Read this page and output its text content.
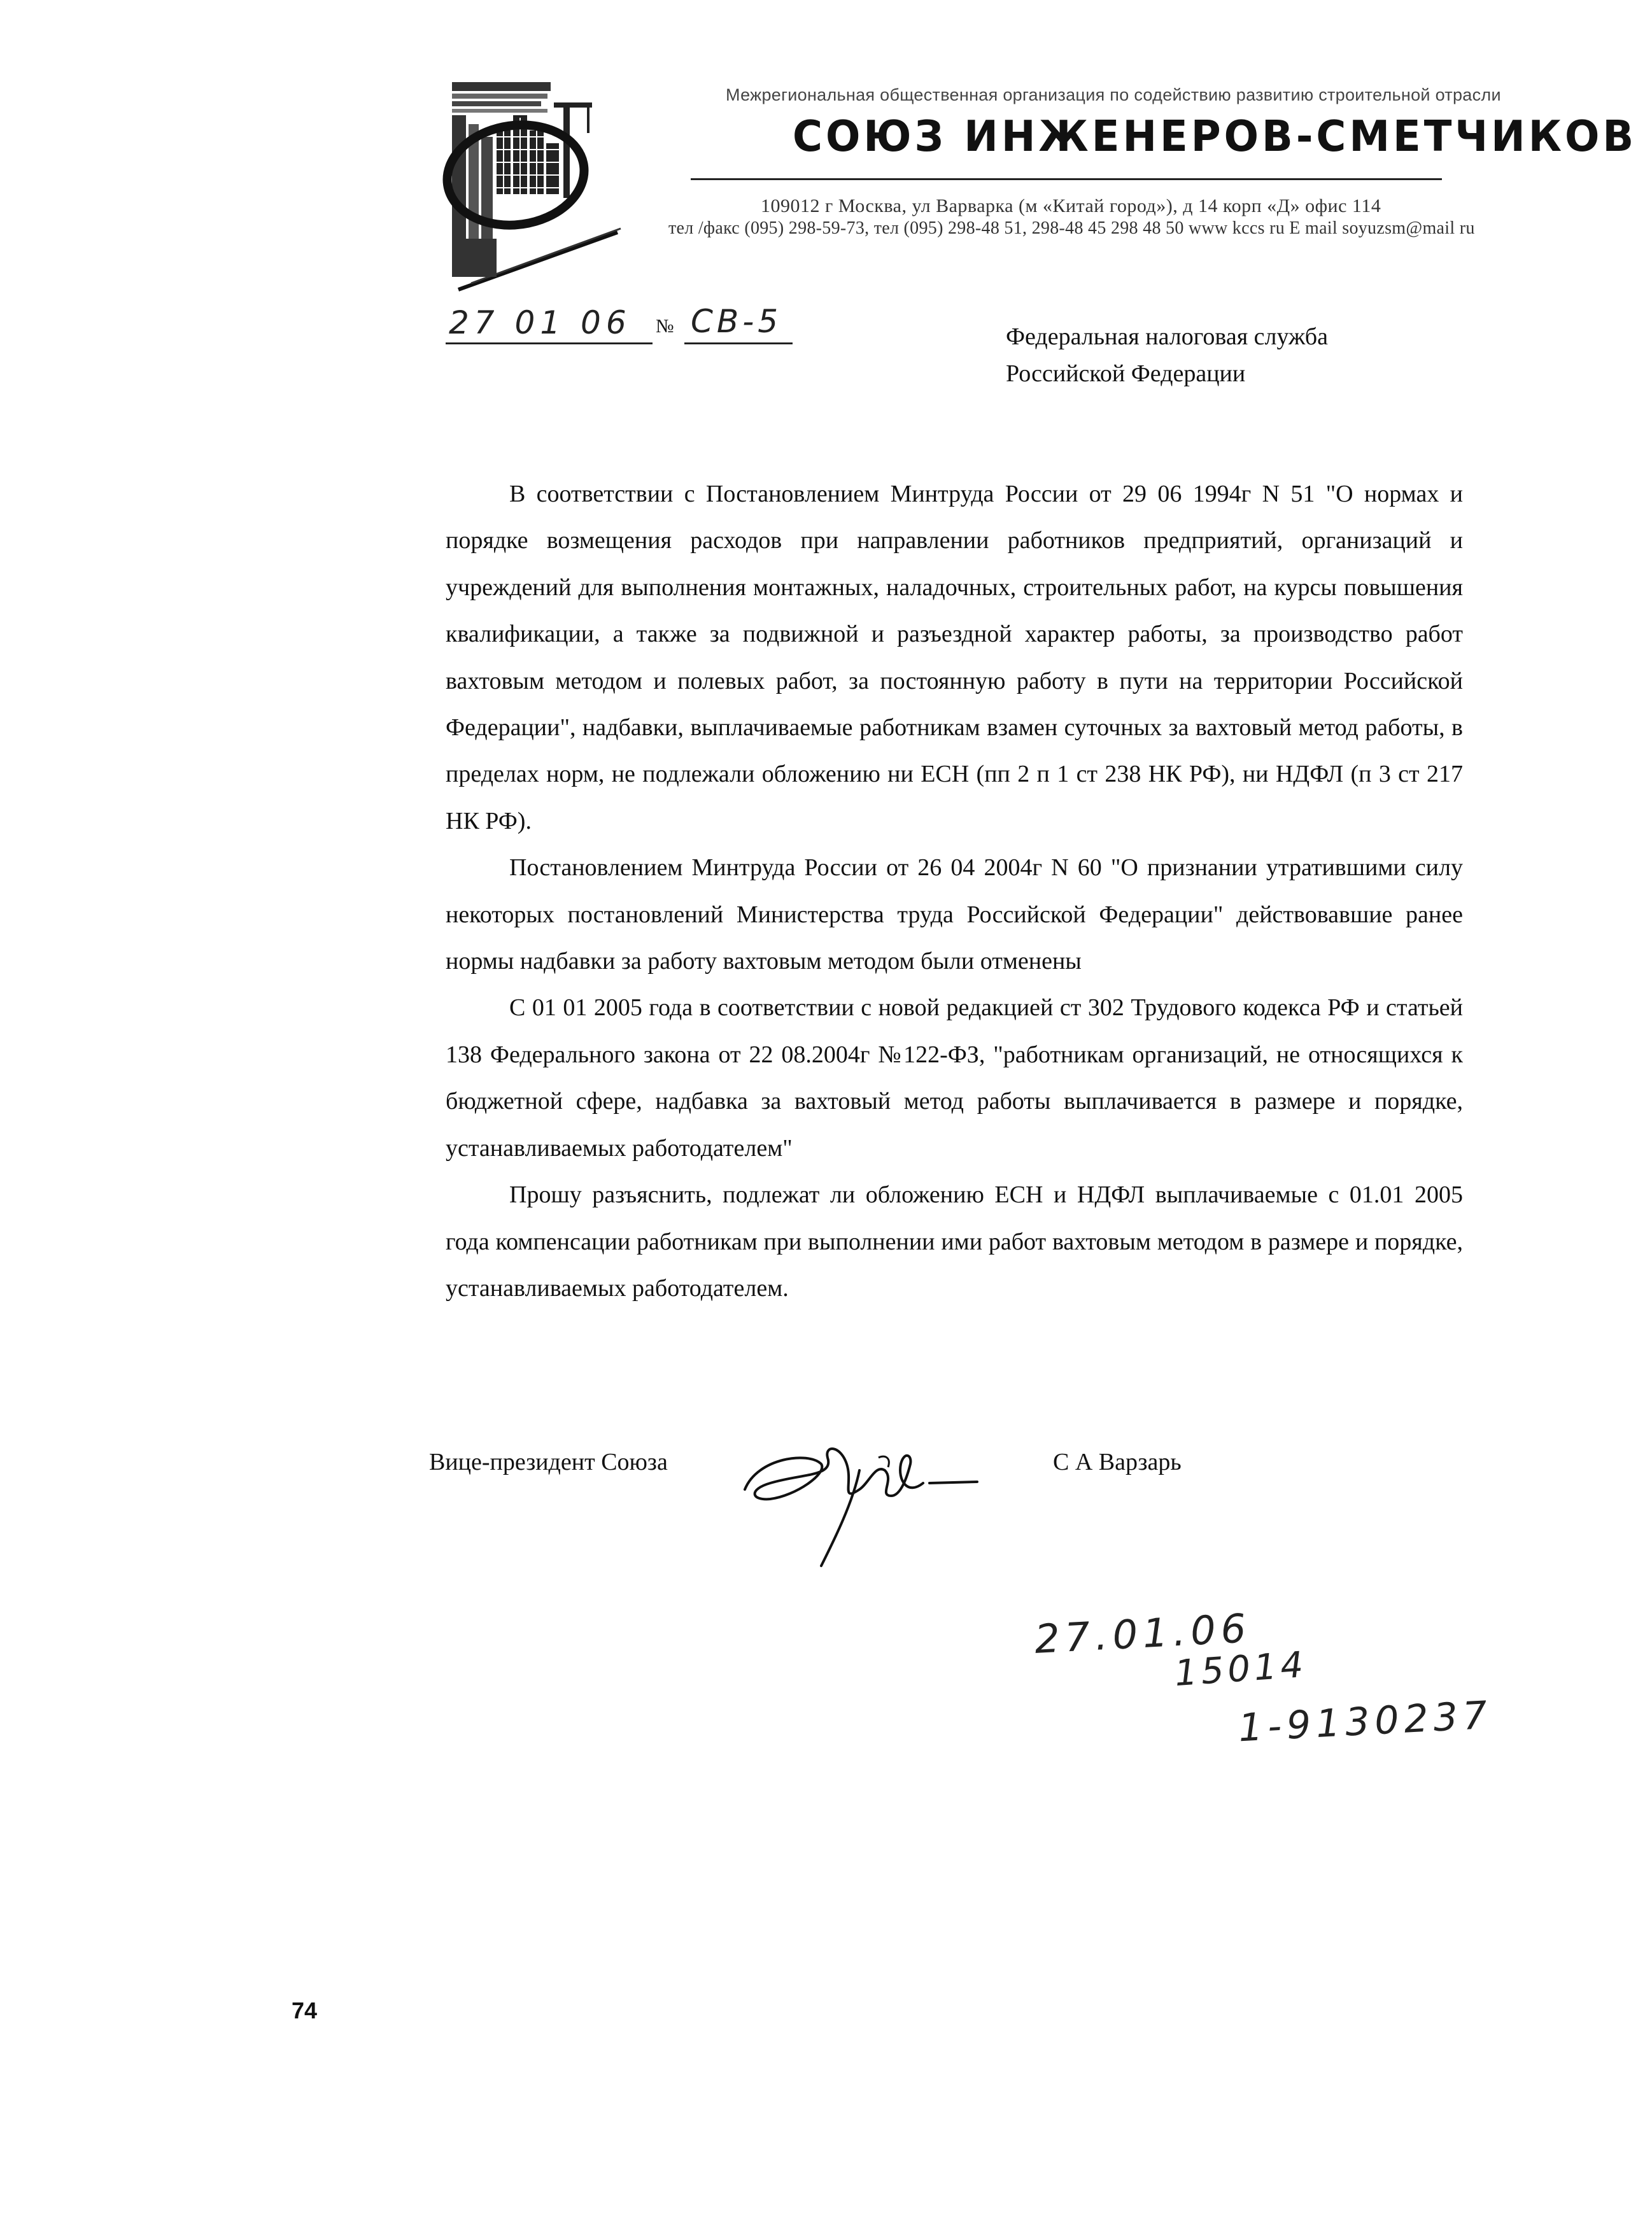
Межрегиональная общественная организация по содействию развитию строительной отрасли
СОЮЗ ИНЖЕНЕРОВ-СМЕТЧИКОВ
109012 г Москва, ул Варварка (м «Китай город»), д 14 корп «Д» офис 114
тел /факс (095) 298-59-73, тел (095) 298-48 51, 298-48 45 298 48 50 www kccs ru E mail soyuzsm@mail ru
27 01 06 № СВ-5	Федеральная налоговая служба
Российской Федерации

В соответствии с Постановлением Минтруда России от 29 06 1994г N 51 "О нормах и порядке возмещения расходов при направлении работников предприятий, организаций и учреждений для выполнения монтажных, наладочных, строительных работ, на курсы повышения квалификации, а также за подвижной и разъездной характер работы, за производство работ вахтовым методом и полевых работ, за постоянную работу в пути на территории Российской Федерации", надбавки, выплачиваемые работникам взамен суточных за вахтовый метод работы, в пределах норм, не подлежали обложению ни ЕСН (пп 2 п 1 ст 238 НК РФ), ни НДФЛ (п 3 ст 217 НК РФ).

Постановлением Минтруда России от 26 04 2004г N 60 "О признании утратившими силу некоторых постановлений Министерства труда Российской Федерации" действовавшие ранее нормы надбавки за работу вахтовым методом были отменены

С 01 01 2005 года в соответствии с новой редакцией ст 302 Трудового кодекса РФ и статьей 138 Федерального закона от 22 08.2004г №122-ФЗ, "работникам организаций, не относящихся к бюджетной сфере, надбавка за вахтовый метод работы выплачивается в размере и порядке, устанавливаемых работодателем"

Прошу разъяснить, подлежат ли обложению ЕСН и НДФЛ выплачиваемые с 01.01 2005 года компенсации работникам при выполнении ими работ вахтовым методом в размере и порядке, устанавливаемых работодателем.

Вице-президент Союза	С А Варзарь
27.01.06
15014
1-9130237
74
